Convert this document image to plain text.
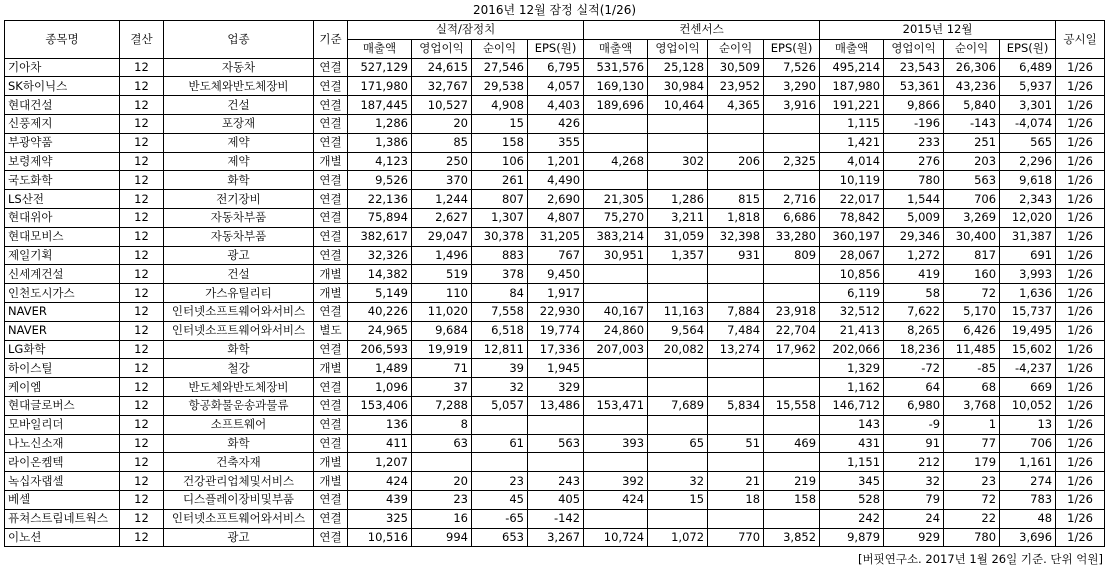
2016년 12월 잠정 실적(1/26)
종목명	결산	업종	기준	실적/잠정치				컨센서스				2015년 12월				공시일
				매출액	영업이익	순이익	EPS(원)	매출액	영업이익	순이익	EPS(원)	매출액	영업이익	순이익	EPS(원)	
기아차	12	자동차	연결	527,129	24,615	27,546	6,795	531,576	25,128	30,509	7,526	495,214	23,543	26,306	6,489	1/26
SK하이닉스	12	반도체와반도체장비	연결	171,980	32,767	29,538	4,057	169,130	30,984	23,952	3,290	187,980	53,361	43,236	5,937	1/26
현대건설	12	건설	연결	187,445	10,527	4,908	4,403	189,696	10,464	4,365	3,916	191,221	9,866	5,840	3,301	1/26
신풍제지	12	포장재	연결	1,286	20	15	426					1,115	-196	-143	-4,074	1/26
부광약품	12	제약	연결	1,386	85	158	355					1,421	233	251	565	1/26
보령제약	12	제약	개별	4,123	250	106	1,201	4,268	302	206	2,325	4,014	276	203	2,296	1/26
국도화학	12	화학	연결	9,526	370	261	4,490					10,119	780	563	9,618	1/26
LS산전	12	전기장비	연결	22,136	1,244	807	2,690	21,305	1,286	815	2,716	22,017	1,544	706	2,343	1/26
현대위아	12	자동차부품	연결	75,894	2,627	1,307	4,807	75,270	3,211	1,818	6,686	78,842	5,009	3,269	12,020	1/26
현대모비스	12	자동차부품	연결	382,617	29,047	30,378	31,205	383,214	31,059	32,398	33,280	360,197	29,346	30,400	31,387	1/26
제일기획	12	광고	연결	32,326	1,496	883	767	30,951	1,357	931	809	28,067	1,272	817	691	1/26
신세계건설	12	건설	개별	14,382	519	378	9,450					10,856	419	160	3,993	1/26
인천도시가스	12	가스유틸리티	개별	5,149	110	84	1,917					6,119	58	72	1,636	1/26
NAVER	12	인터넷소프트웨어와서비스	연결	40,226	11,020	7,558	22,930	40,167	11,163	7,884	23,918	32,512	7,622	5,170	15,737	1/26
NAVER	12	인터넷소프트웨어와서비스	별도	24,965	9,684	6,518	19,774	24,860	9,564	7,484	22,704	21,413	8,265	6,426	19,495	1/26
LG화학	12	화학	연결	206,593	19,919	12,811	17,336	207,003	20,082	13,274	17,962	202,066	18,236	11,485	15,602	1/26
하이스틸	12	철강	개별	1,489	71	39	1,945					1,329	-72	-85	-4,237	1/26
케이엠	12	반도체와반도체장비	연결	1,096	37	32	329					1,162	64	68	669	1/26
현대글로버스	12	항공화물운송과물류	연결	153,406	7,288	5,057	13,486	153,471	7,689	5,834	15,558	146,712	6,980	3,768	10,052	1/26
모바일리더	12	소프트웨어	연결	136	8							143	-9	1	13	1/26
나노신소재	12	화학	연결	411	63	61	563	393	65	51	469	431	91	77	706	1/26
라이온켐텍	12	건축자재	개별	1,207								1,151	212	179	1,161	1/26
녹십자랩셀	12	건강관리업체및서비스	개별	424	20	23	243	392	32	21	219	345	32	23	274	1/26
베셀	12	디스플레이장비및부품	연결	439	23	45	405	424	15	18	158	528	79	72	783	1/26
퓨쳐스트림네트웍스	12	인터넷소프트웨어와서비스	연결	325	16	-65	-142					242	24	22	48	1/26
이노션	12	광고	연결	10,516	994	653	3,267	10,724	1,072	770	3,852	9,879	929	780	3,696	1/26
[버핏연구소. 2017년 1월 26일 기준. 단위 억원]
